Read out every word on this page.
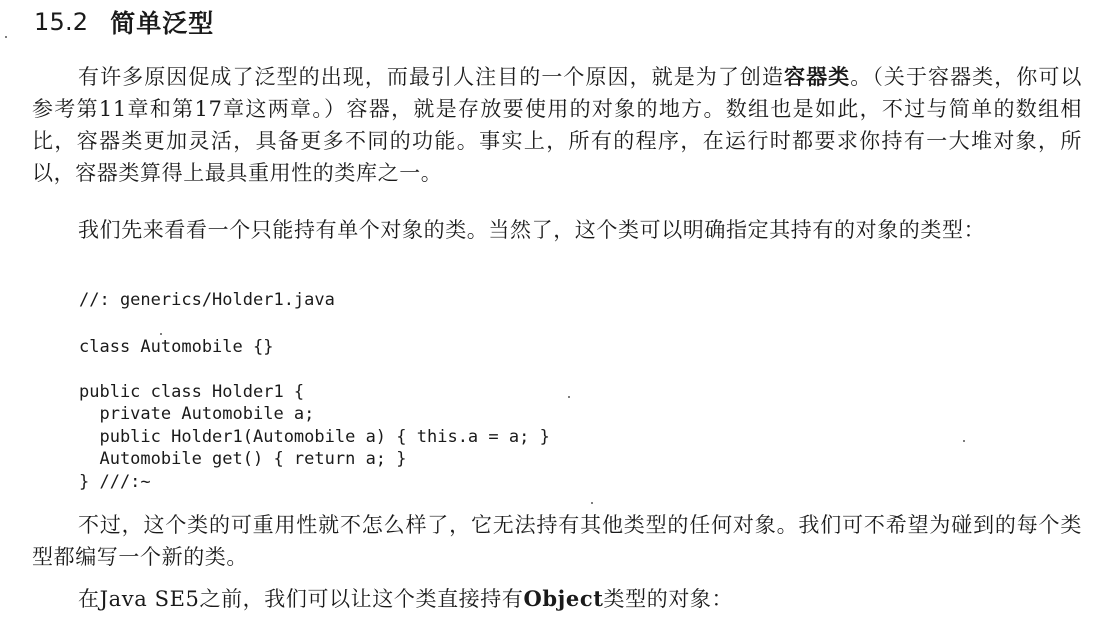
15.2 简单泛型

有许多原因促成了泛型的出现，而最引人注目的一个原因，就是为了创造容器类。（关于容器类，你可以参考第11章和第17章这两章。）容器，就是存放要使用的对象的地方。数组也是如此，不过与简单的数组相比，容器类更加灵活，具备更多不同的功能。事实上，所有的程序，在运行时都要求你持有一大堆对象，所以，容器类算得上最具重用性的类库之一。

我们先来看看一个只能持有单个对象的类。当然了，这个类可以明确指定其持有的对象的类型：

//: generics/Holder1.java
class Automobile {}
public class Holder1 {
private Automobile a;
public Holder1(Automobile a) { this.a = a; }
Automobile get() { return a; }
} ///:~

不过，这个类的可重用性就不怎么样了，它无法持有其他类型的任何对象。我们可不希望为碰到的每个类型都编写一个新的类。

在Java SE5之前，我们可以让这个类直接持有Object类型的对象：
